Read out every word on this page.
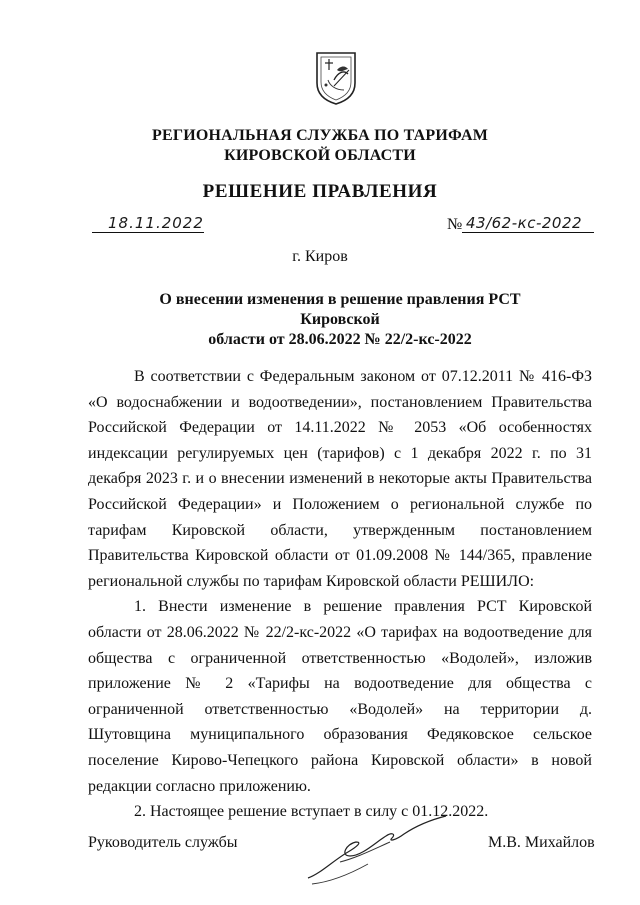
РЕГИОНАЛЬНАЯ СЛУЖБА ПО ТАРИФАМ
КИРОВСКОЙ ОБЛАСТИ
РЕШЕНИЕ ПРАВЛЕНИЯ
18.11.2022	№ 43/62-кс-2022
г. Киров
О внесении изменения в решение правления РСТ Кировской
области от 28.06.2022 № 22/2-кс-2022

В соответствии с Федеральным законом от 07.12.2011 № 416-ФЗ «О водоснабжении и водоотведении», постановлением Правительства Российской Федерации от 14.11.2022 № 2053 «Об особенностях индексации регулируемых цен (тарифов) с 1 декабря 2022 г. по 31 декабря 2023 г. и о внесении изменений в некоторые акты Правительства Российской Федерации» и Положением о региональной службе по тарифам Кировской области, утвержденным постановлением Правительства Кировской области от 01.09.2008 № 144/365, правление региональной службы по тарифам Кировской области РЕШИЛО:

1. Внести изменение в решение правления РСТ Кировской области от 28.06.2022 № 22/2-кс-2022 «О тарифах на водоотведение для общества с ограниченной ответственностью «Водолей», изложив приложение № 2 «Тарифы на водоотведение для общества с ограниченной ответственностью «Водолей» на территории д. Шутовщина муниципального образования Федяковское сельское поселение Кирово-Чепецкого района Кировской области» в новой редакции согласно приложению.

2. Настоящее решение вступает в силу с 01.12.2022.

Руководитель службы	М.В. Михайлов
